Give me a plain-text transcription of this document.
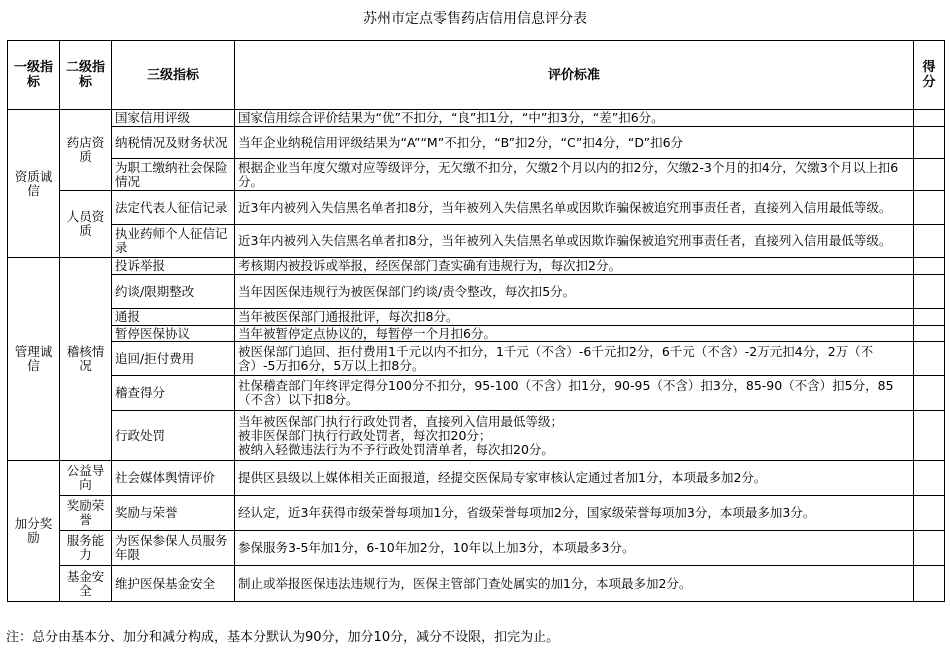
苏州市定点零售药店信用信息评分表
一级指标	二级指标	三级指标	评价标准	得分
资质诚信	药店资质	国家信用评级	国家信用综合评价结果为“优”不扣分，“良”扣1分，“中”扣3分，“差”扣6分。	
		纳税情况及财务状况	当年企业纳税信用评级结果为“A”“M”不扣分，“B”扣2分，“C”扣4分，“D”扣6分	
		为职工缴纳社会保险情况	根据企业当年度欠缴对应等级评分，无欠缴不扣分，欠缴2个月以内的扣2分，欠缴2-3个月的扣4分，欠缴3个月以上扣6分。	
	人员资质	法定代表人征信记录	近3年内被列入失信黑名单者扣8分，当年被列入失信黑名单或因欺诈骗保被追究刑事责任者，直接列入信用最低等级。	
		执业药师个人征信记录	近3年内被列入失信黑名单者扣8分，当年被列入失信黑名单或因欺诈骗保被追究刑事责任者，直接列入信用最低等级。	
管理诚信	稽核情况	投诉举报	考核期内被投诉或举报，经医保部门查实确有违规行为，每次扣2分。	
		约谈/限期整改	当年因医保违规行为被医保部门约谈/责令整改，每次扣5分。	
		通报	当年被医保部门通报批评，每次扣8分。	
		暂停医保协议	当年被暂停定点协议的，每暂停一个月扣6分。	
		追回/拒付费用	被医保部门追回、拒付费用1千元以内不扣分，1千元（不含）-6千元扣2分，6千元（不含）-2万元扣4分，2万（不含）-5万扣6分，5万以上扣8分。	
		稽查得分	社保稽查部门年终评定得分100分不扣分，95-100（不含）扣1分，90-95（不含）扣3分，85-90（不含）扣5分，85（不含）以下扣8分。	
		行政处罚	当年被医保部门执行行政处罚者，直接列入信用最低等级；
被非医保部门执行行政处罚者，每次扣20分；
被纳入轻微违法行为不予行政处罚清单者，每次扣20分。	

加分奖励	公益导向	社会媒体舆情评价	提供区县级以上媒体相关正面报道，经提交医保局专家审核认定通过者加1分，本项最多加2分。	
	奖励荣誉	奖励与荣誉	经认定，近3年获得市级荣誉每项加1分，省级荣誉每项加2分，国家级荣誉每项加3分，本项最多加3分。	
	服务能力	为医保参保人员服务年限	参保服务3-5年加1分，6-10年加2分，10年以上加3分，本项最多3分。	
	基金安全	维护医保基金安全	制止或举报医保违法违规行为，医保主管部门查处属实的加1分，本项最多加2分。	
注：总分由基本分、加分和减分构成，基本分默认为90分，加分10分，减分不设限，扣完为止。
